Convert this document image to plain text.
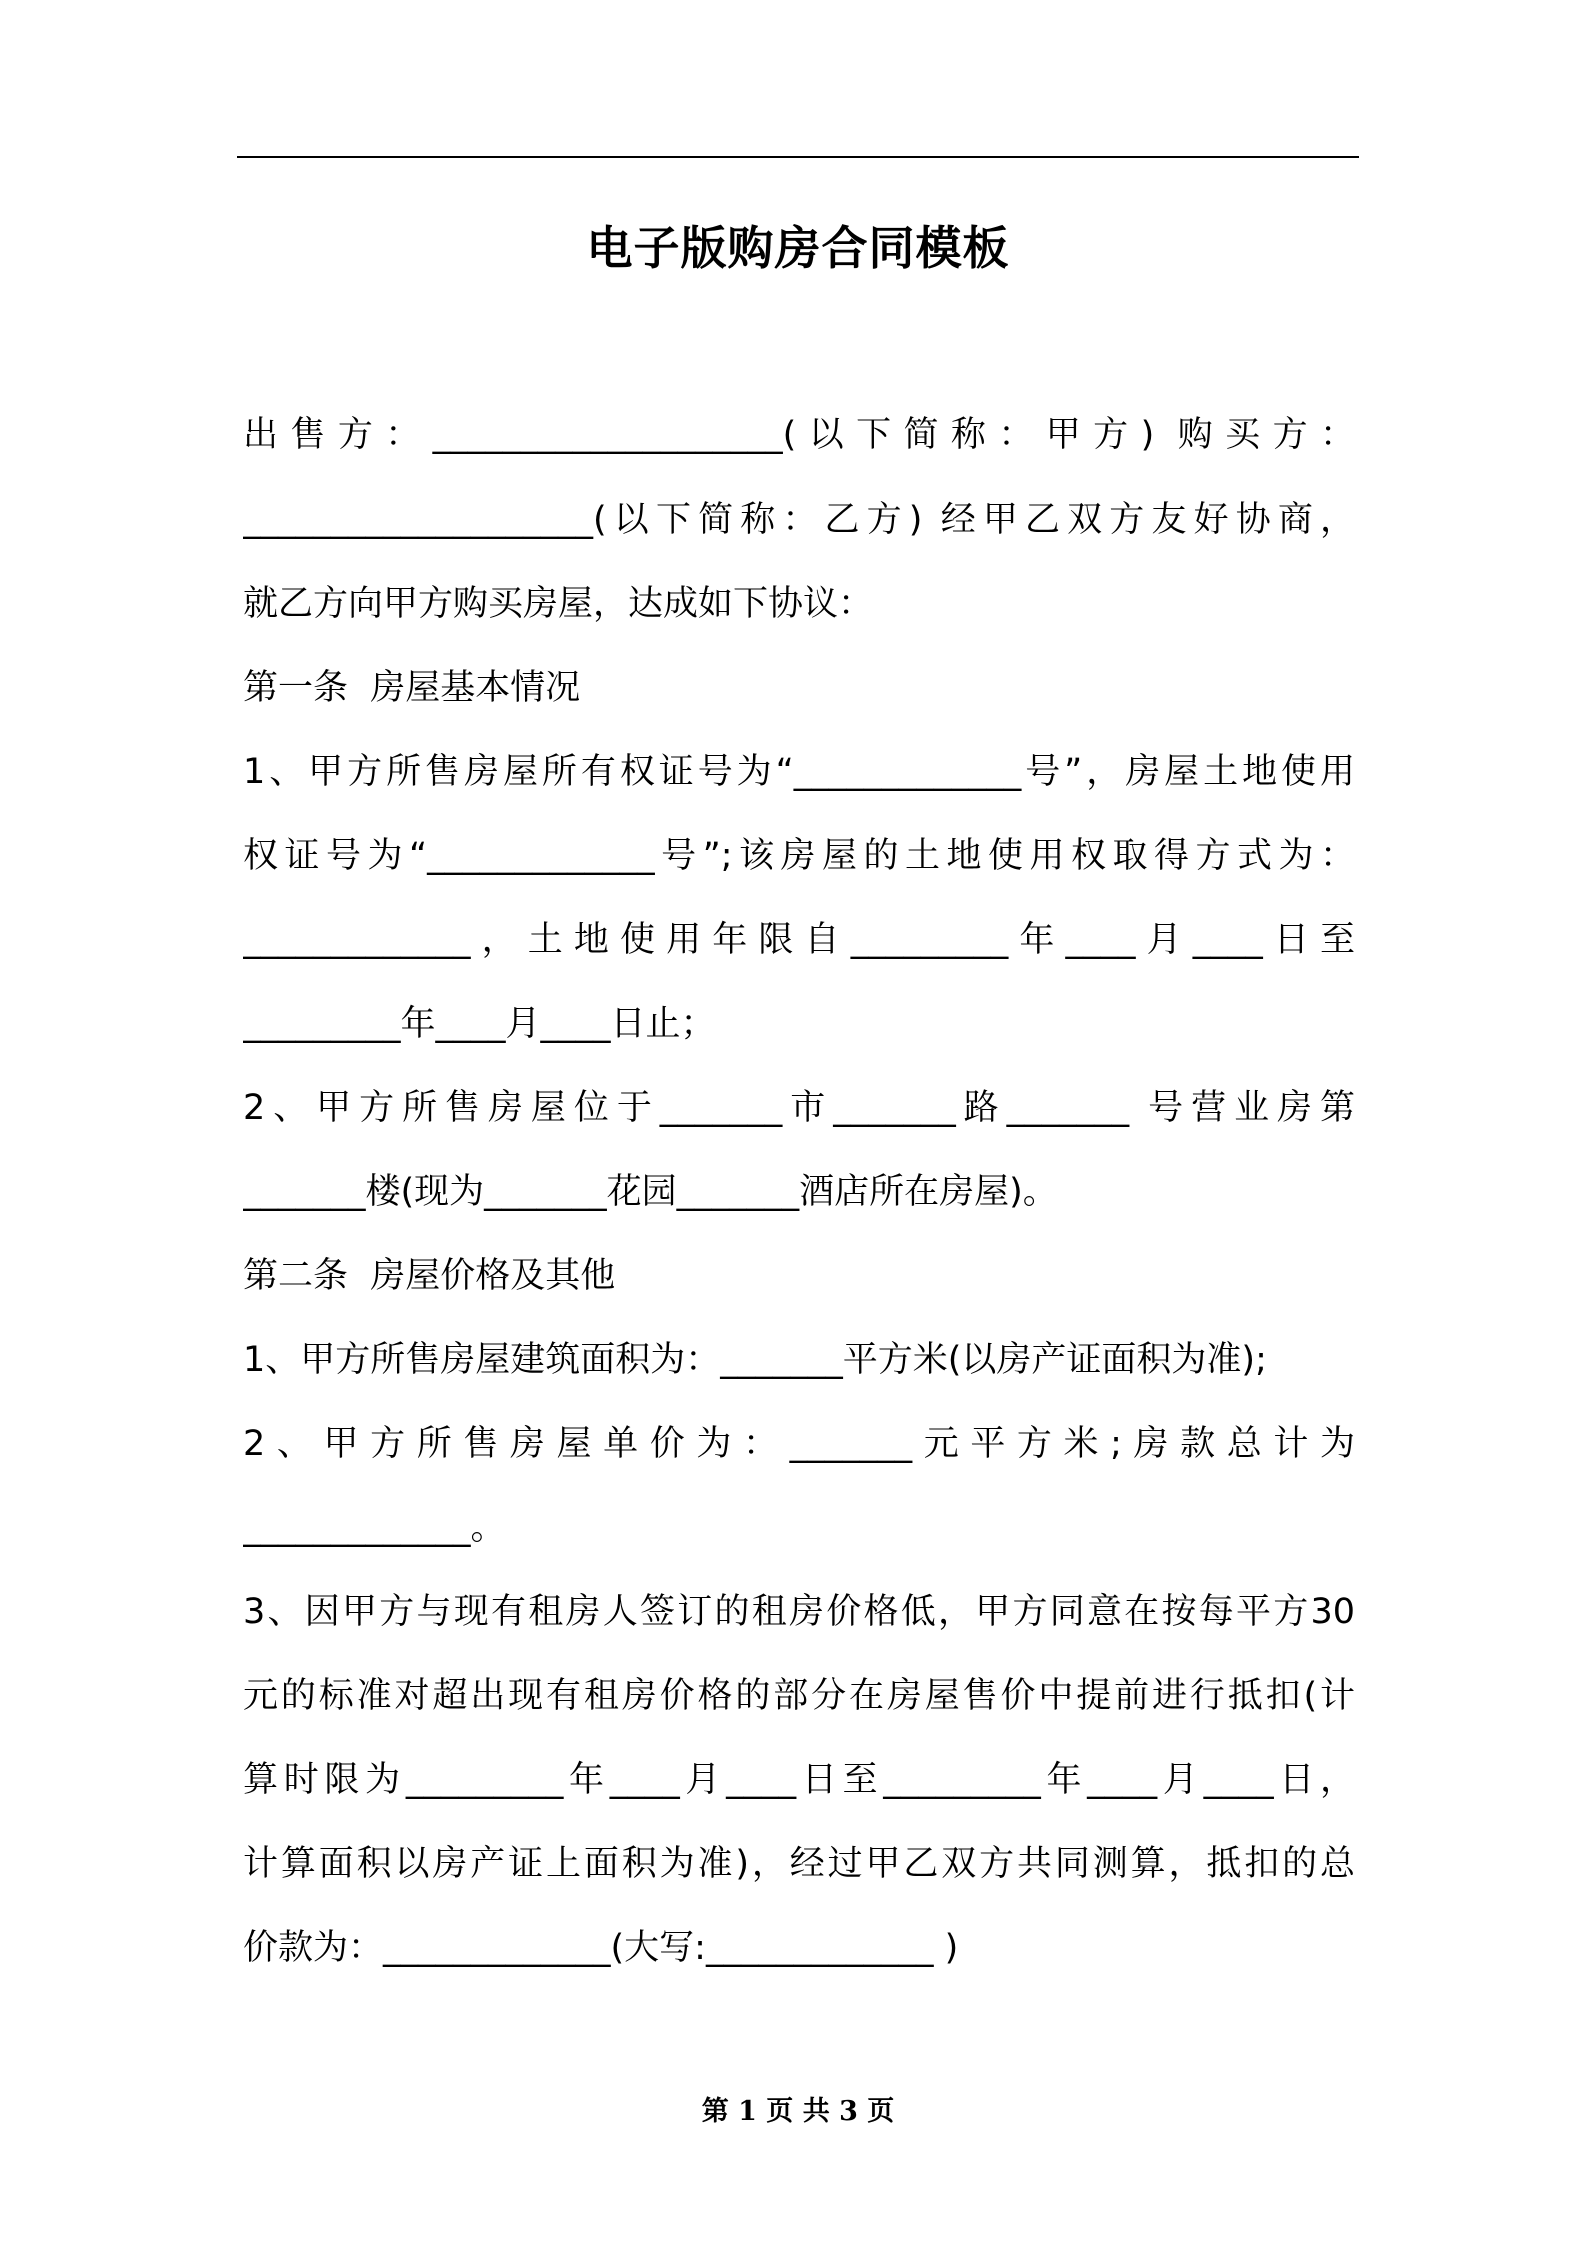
电子版购房合同模板
出售方：____________________(以下简称：甲方) 购买方：
____________________(以下简称：乙方) 经甲乙双方友好协商，
就乙方向甲方购买房屋，达成如下协议：
第一条  房屋基本情况
1、甲方所售房屋所有权证号为“_____________号”，房屋土地使用
权证号为“_____________号”;该房屋的土地使用权取得方式为：
_____________，土地使用年限自_________年____月____日至
_________年____月____日止；
2、甲方所售房屋位于_______市_______路_______ 号营业房第
_______楼(现为_______花园_______酒店所在房屋)。
第二条  房屋价格及其他
1、甲方所售房屋建筑面积为：_______平方米(以房产证面积为准);
2、甲方所售房屋单价为：_______元平方米;房款总计为
_____________。
3、因甲方与现有租房人签订的租房价格低，甲方同意在按每平方30
元的标准对超出现有租房价格的部分在房屋售价中提前进行抵扣(计
算时限为_________年____月____日至_________年____月____日，
计算面积以房产证上面积为准)，经过甲乙双方共同测算，抵扣的总
价款为：_____________(大写:_____________ )
第 1 页 共 3 页
